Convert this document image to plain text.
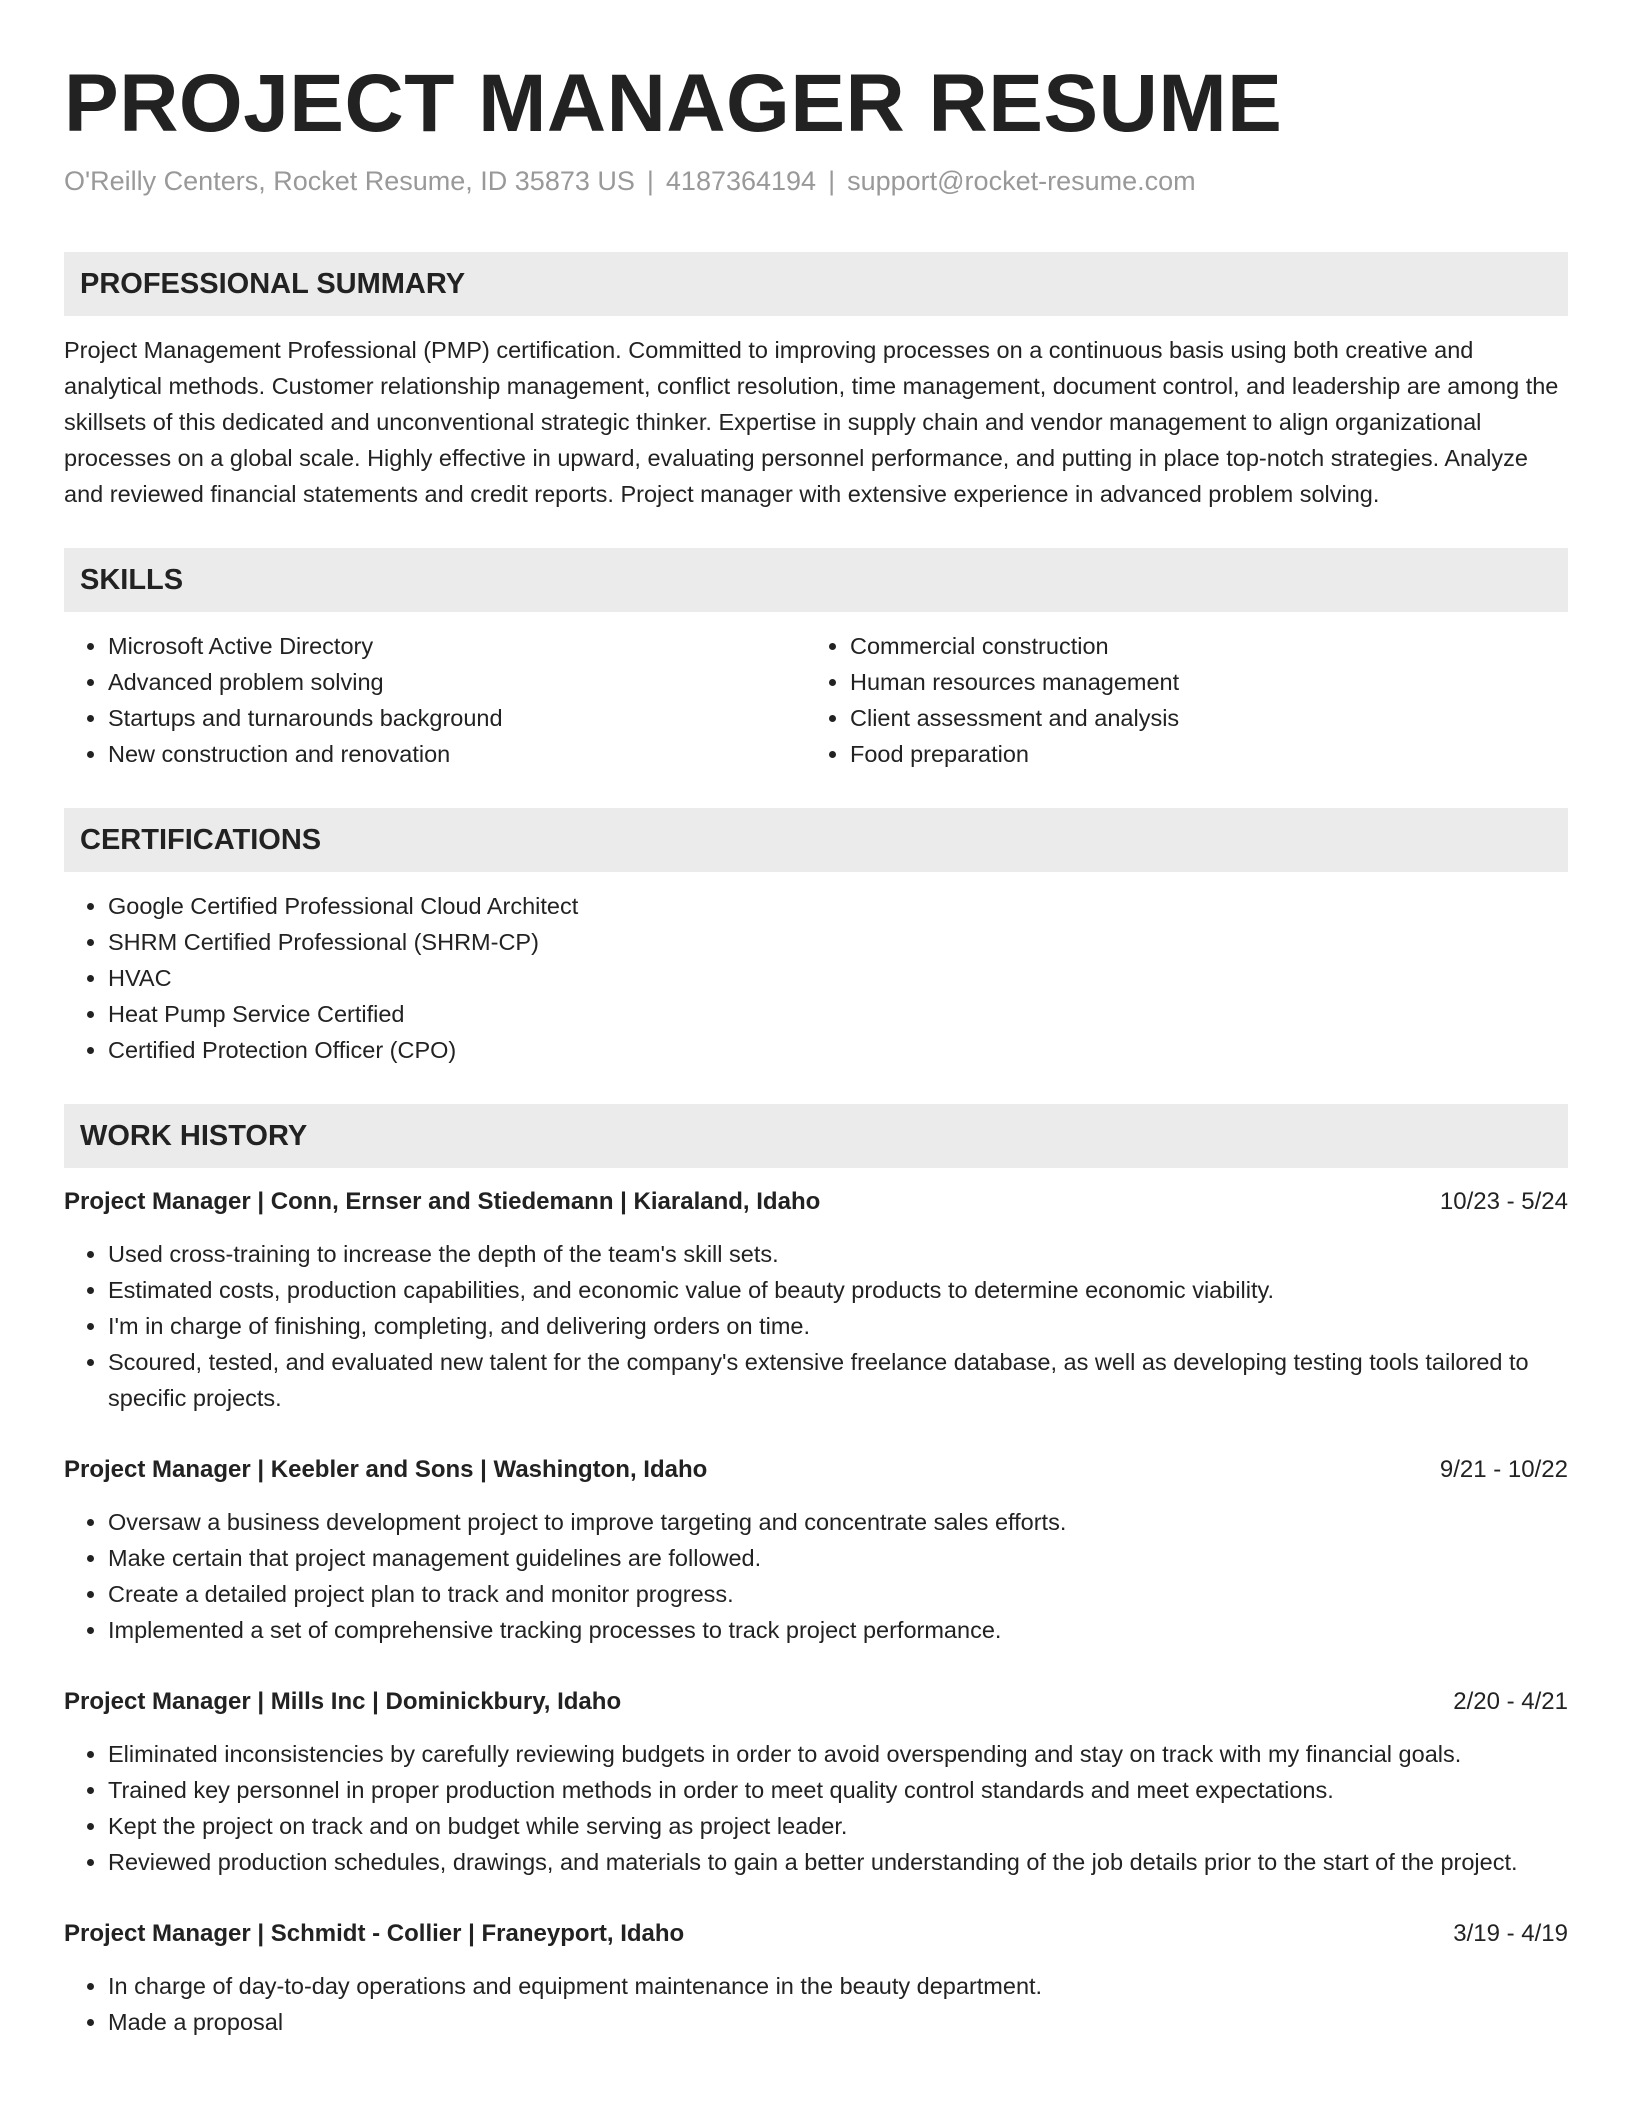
PROJECT MANAGER RESUME
O'Reilly Centers, Rocket Resume, ID 35873 US | 4187364194 | support@rocket-resume.com
PROFESSIONAL SUMMARY

Project Management Professional (PMP) certification. Committed to improving processes on a continuous basis using both creative and analytical methods. Customer relationship management, conflict resolution, time management, document control, and leadership are among the skillsets of this dedicated and unconventional strategic thinker. Expertise in supply chain and vendor management to align organizational processes on a global scale. Highly effective in upward, evaluating personnel performance, and putting in place top-notch strategies. Analyze and reviewed financial statements and credit reports. Project manager with extensive experience in advanced problem solving.

SKILLS
• Microsoft Active Directory
• Advanced problem solving
• Startups and turnarounds background
• New construction and renovation
• Commercial construction
• Human resources management
• Client assessment and analysis
• Food preparation
CERTIFICATIONS
• Google Certified Professional Cloud Architect
• SHRM Certified Professional (SHRM-CP)
• HVAC
• Heat Pump Service Certified
• Certified Protection Officer (CPO)
WORK HISTORY
Project Manager | Conn, Ernser and Stiedemann | Kiaraland, Idaho	10/23 - 5/24
• Used cross-training to increase the depth of the team's skill sets.
• Estimated costs, production capabilities, and economic value of beauty products to determine economic viability.
• I'm in charge of finishing, completing, and delivering orders on time.
• Scoured, tested, and evaluated new talent for the company's extensive freelance database, as well as developing testing tools tailored to specific projects.
Project Manager | Keebler and Sons | Washington, Idaho	9/21 - 10/22
• Oversaw a business development project to improve targeting and concentrate sales efforts.
• Make certain that project management guidelines are followed.
• Create a detailed project plan to track and monitor progress.
• Implemented a set of comprehensive tracking processes to track project performance.
Project Manager | Mills Inc | Dominickbury, Idaho	2/20 - 4/21
• Eliminated inconsistencies by carefully reviewing budgets in order to avoid overspending and stay on track with my financial goals.
• Trained key personnel in proper production methods in order to meet quality control standards and meet expectations.
• Kept the project on track and on budget while serving as project leader.
• Reviewed production schedules, drawings, and materials to gain a better understanding of the job details prior to the start of the project.
Project Manager | Schmidt - Collier | Franeyport, Idaho	3/19 - 4/19
• In charge of day-to-day operations and equipment maintenance in the beauty department.
• Made a proposal
